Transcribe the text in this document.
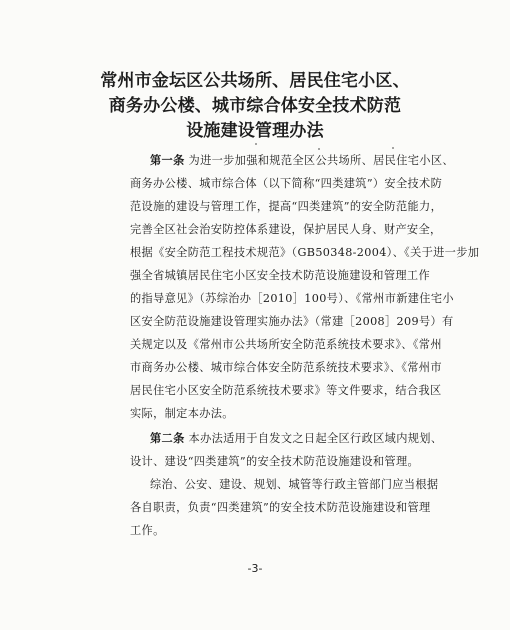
常州市金坛区公共场所、居民住宅小区、
商务办公楼、城市综合体安全技术防范
设施建设管理办法
第一条 为进一步加强和规范全区公共场所、居民住宅小区、
商务办公楼、城市综合体（以下简称“四类建筑”）安全技术防
范设施的建设与管理工作，提高“四类建筑”的安全防范能力，
完善全区社会治安防控体系建设，保护居民人身、财产安全，
根据《安全防范工程技术规范》（GB50348-2004）、《关于进一步加
强全省城镇居民住宅小区安全技术防范设施建设和管理工作
的指导意见》（苏综治办［2010］100号）、《常州市新建住宅小
区安全防范设施建设管理实施办法》（常建［2008］209号）有
关规定以及《常州市公共场所安全防范系统技术要求》、《常州
市商务办公楼、城市综合体安全防范系统技术要求》、《常州市
居民住宅小区安全防范系统技术要求》等文件要求，结合我区
实际，制定本办法。
第二条 本办法适用于自发文之日起全区行政区域内规划、
设计、建设“四类建筑”的安全技术防范设施建设和管理。
综治、公安、建设、规划、城管等行政主管部门应当根据
各自职责，负责“四类建筑”的安全技术防范设施建设和管理
工作。
-3-
